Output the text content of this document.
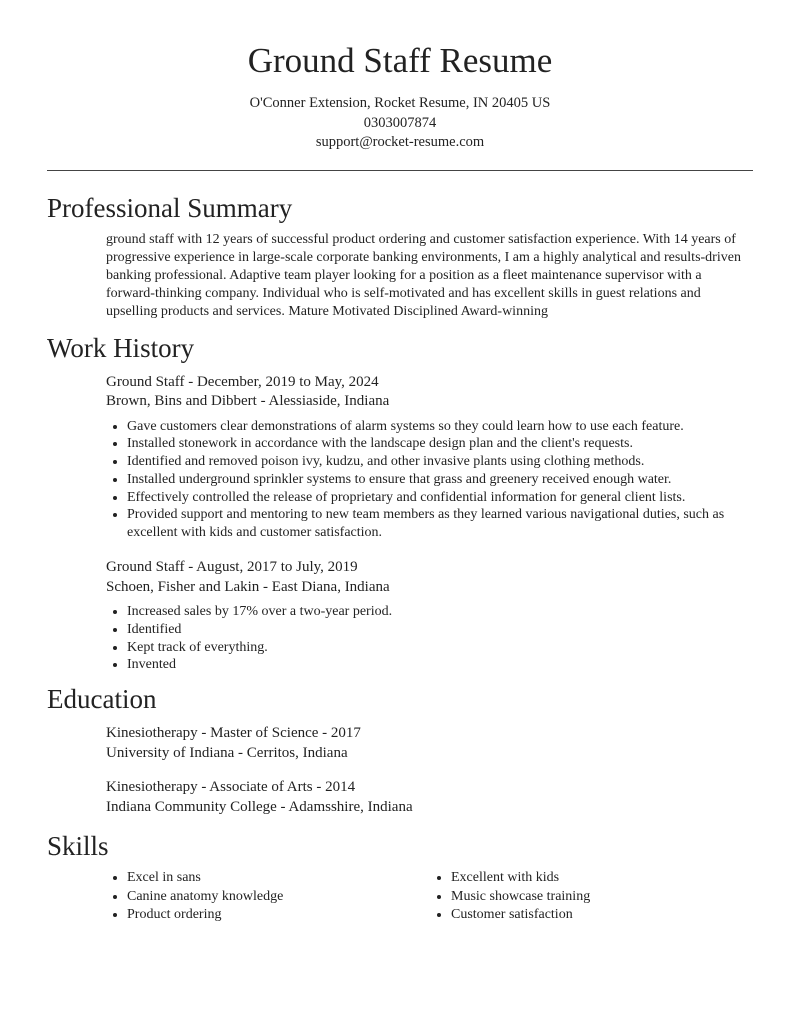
Ground Staff Resume
O'Conner Extension, Rocket Resume, IN 20405 US
0303007874
support@rocket-resume.com
Professional Summary
ground staff with 12 years of successful product ordering and customer satisfaction experience. With 14 years of progressive experience in large-scale corporate banking environments, I am a highly analytical and results-driven banking professional. Adaptive team player looking for a position as a fleet maintenance supervisor with a forward-thinking company. Individual who is self-motivated and has excellent skills in guest relations and upselling products and services. Mature Motivated Disciplined Award-winning
Work History
Ground Staff - December, 2019 to May, 2024
Brown, Bins and Dibbert - Alessiaside, Indiana
• Gave customers clear demonstrations of alarm systems so they could learn how to use each feature.
• Installed stonework in accordance with the landscape design plan and the client's requests.
• Identified and removed poison ivy, kudzu, and other invasive plants using clothing methods.
• Installed underground sprinkler systems to ensure that grass and greenery received enough water.
• Effectively controlled the release of proprietary and confidential information for general client lists.
• Provided support and mentoring to new team members as they learned various navigational duties, such as excellent with kids and customer satisfaction.
Ground Staff - August, 2017 to July, 2019
Schoen, Fisher and Lakin - East Diana, Indiana
• Increased sales by 17% over a two-year period.
• Identified
• Kept track of everything.
• Invented
Education
Kinesiotherapy - Master of Science - 2017
University of Indiana - Cerritos, Indiana
Kinesiotherapy - Associate of Arts - 2014
Indiana Community College - Adamsshire, Indiana
Skills
• Excel in sans
• Canine anatomy knowledge
• Product ordering
• Excellent with kids
• Music showcase training
• Customer satisfaction
